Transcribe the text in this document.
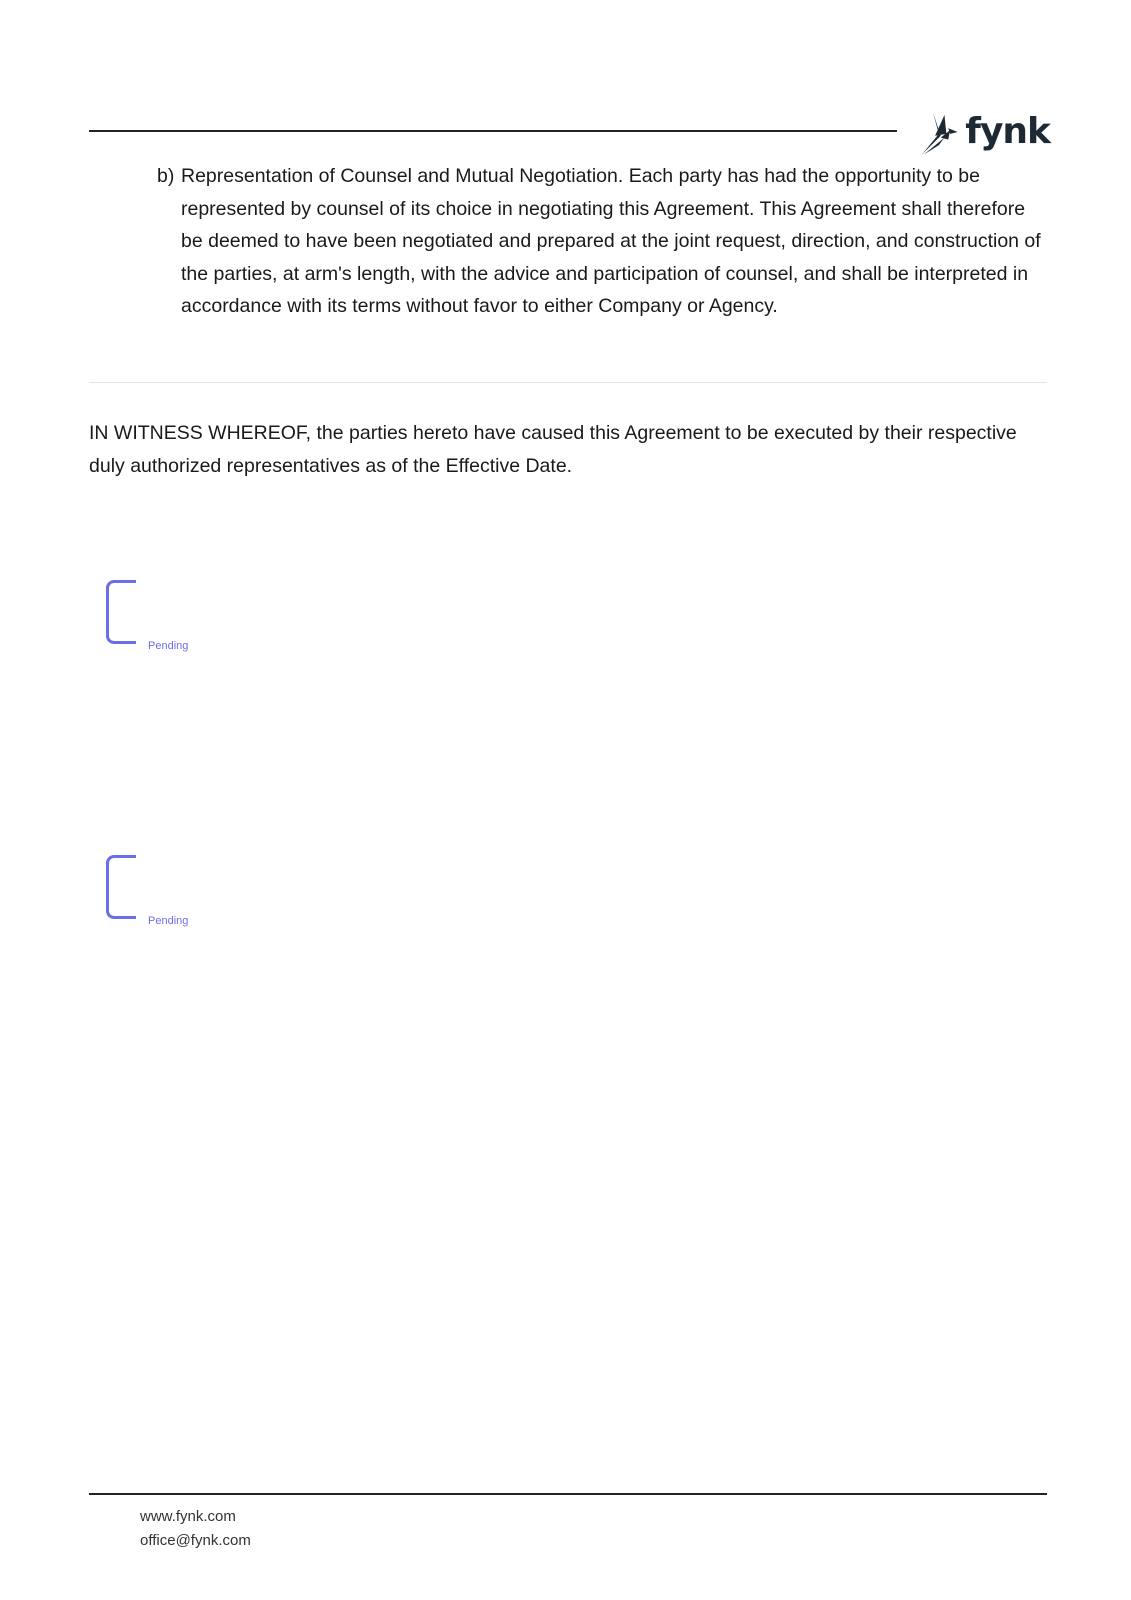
fynk
b) Representation of Counsel and Mutual Negotiation. Each party has had the opportunity to be represented by counsel of its choice in negotiating this Agreement. This Agreement shall therefore be deemed to have been negotiated and prepared at the joint request, direction, and construction of the parties, at arm's length, with the advice and participation of counsel, and shall be interpreted in accordance with its terms without favor to either Company or Agency.
IN WITNESS WHEREOF, the parties hereto have caused this Agreement to be executed by their respective duly authorized representatives as of the Effective Date.
Pending
Pending
www.fynk.com
office@fynk.com
